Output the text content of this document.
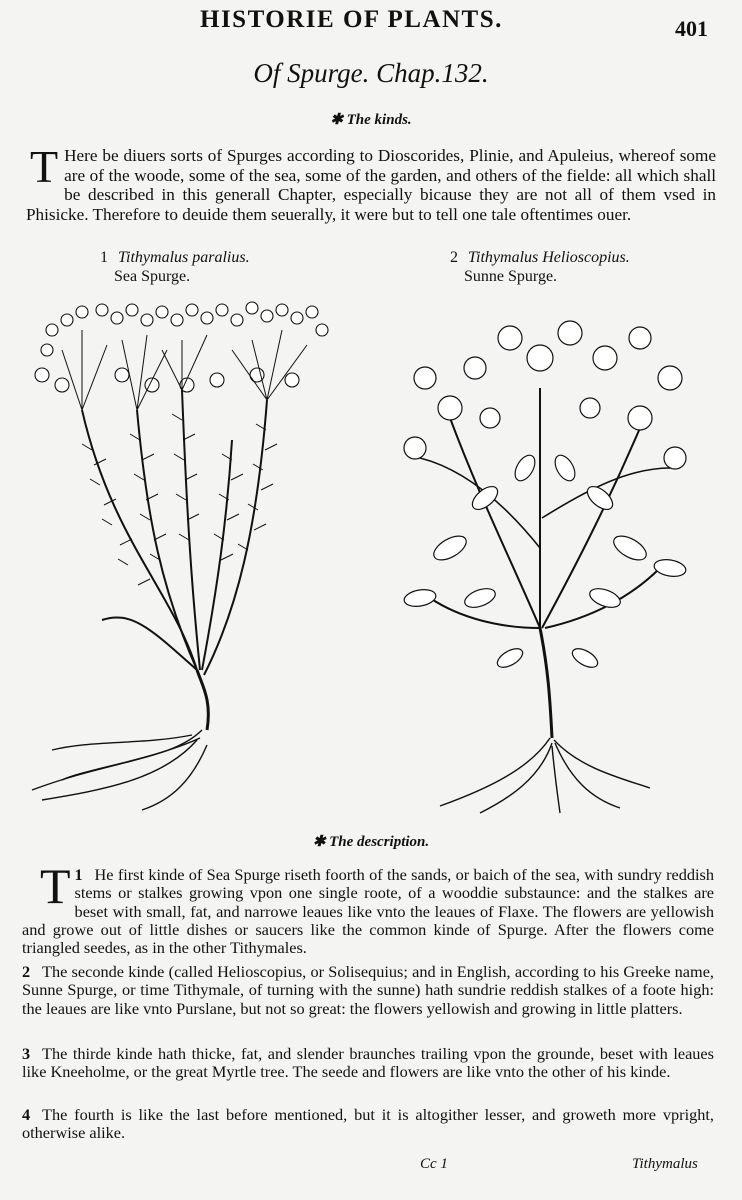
HISTORIE OF PLANTS.	401
Of Spurge. Chap.132.
✱ The kinds.
T Here be diuers sorts of Spurges according to Dioscorides, Plinie, and Apuleius, whereof some are of the woode, some of the sea, some of the garden, and others of the fielde: all which shall be described in this generall Chapter, especially bicause they are not all of them vsed in Phisicke. Therefore to deuide them seuerally, it were but to tell one tale oftentimes ouer.
1 Tithymalus paralius.
Sea Spurge.
2 Tithymalus Helioscopius.
Sunne Spurge.
✱ The description.
1
T He first kinde of Sea Spurge riseth foorth of the sands, or baich of the sea, with sundry reddish stems or stalkes growing vpon one single roote, of a wooddie substaunce: and the stalkes are beset with small, fat, and narrowe leaues like vnto the leaues of Flaxe. The flowers are yellowish and growe out of little dishes or saucers like the common kinde of Spurge. After the flowers come triangled seedes, as in the other Tithymales.
2 The seconde kinde (called Helioscopius, or Solisequius; and in English, according to his Greeke name, Sunne Spurge, or time Tithymale, of turning with the sunne) hath sundrie reddish stalkes of a foote high: the leaues are like vnto Purslane, but not so great: the flowers yellowish and growing in little platters.
3 The thirde kinde hath thicke, fat, and slender braunches trailing vpon the grounde, beset with leaues like Kneeholme, or the great Myrtle tree. The seede and flowers are like vnto the other of his kinde.
4 The fourth is like the last before mentioned, but it is altogither lesser, and groweth more vpright, otherwise alike.
Cc 1	Tithymalus
